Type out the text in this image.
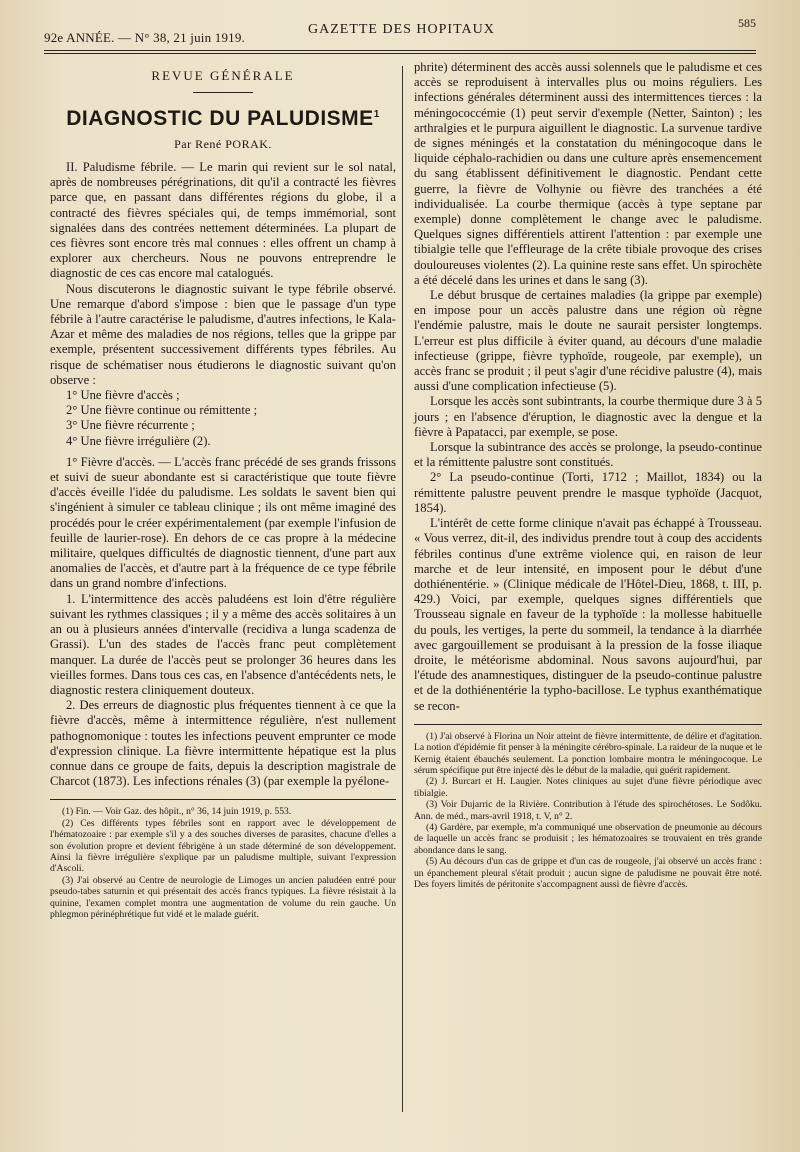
92e ANNÉE. — N° 38, 21 juin 1919.
GAZETTE DES HOPITAUX	585
REVUE GÉNÉRALE
DIAGNOSTIC DU PALUDISME$^1$
Par René PORAK.

II. Paludisme fébrile. — Le marin qui revient sur le sol natal, après de nombreuses pérégrinations, dit qu'il a contracté les fièvres parce que, en passant dans différentes régions du globe, il a contracté des fièvres spéciales qui, de temps immémorial, sont signalées dans des contrées nettement déterminées. La plupart de ces fièvres sont encore très mal connues : elles offrent un champ à explorer aux chercheurs. Nous ne pouvons entreprendre le diagnostic de ces cas encore mal catalogués.

Nous discuterons le diagnostic suivant le type fébrile observé. Une remarque d'abord s'impose : bien que le passage d'un type fébrile à l'autre caractérise le paludisme, d'autres infections, le Kala-Azar et même des maladies de nos régions, telles que la grippe par exemple, présentent successivement différents types fébriles. Au risque de schématiser nous étudierons le diagnostic suivant qu'on observe :

1° Une fièvre d'accès ;

2° Une fièvre continue ou rémittente ;

3° Une fièvre récurrente ;

4° Une fièvre irrégulière (2).

1° Fièvre d'accès. — L'accès franc précédé de ses grands frissons et suivi de sueur abondante est si caractéristique que toute fièvre d'accès éveille l'idée du paludisme. Les soldats le savent bien qui s'ingénient à simuler ce tableau clinique ; ils ont même imaginé des procédés pour le créer expérimentalement (par exemple l'infusion de feuille de laurier-rose). En dehors de ce cas propre à la médecine militaire, quelques difficultés de diagnostic tiennent, d'une part aux anomalies de l'accès, et d'autre part à la fréquence de ce type fébrile dans un grand nombre d'infections.

1. L'intermittence des accès paludéens est loin d'être régulière suivant les rythmes classiques ; il y a même des accès solitaires à un an ou à plusieurs années d'intervalle (recidiva a lunga scadenza de Grassi). L'un des stades de l'accès franc peut complètement manquer. La durée de l'accès peut se prolonger 36 heures dans les vieilles formes. Dans tous ces cas, en l'absence d'antécédents nets, le diagnostic restera cliniquement douteux.

2. Des erreurs de diagnostic plus fréquentes tiennent à ce que la fièvre d'accès, même à intermittence régulière, n'est nullement pathognomonique : toutes les infections peuvent emprunter ce mode d'expression clinique. La fièvre intermittente hépatique est la plus connue dans ce groupe de faits, depuis la description magistrale de Charcot (1873). Les infections rénales (3) (par exemple la pyélone-

(1) Fin. — Voir Gaz. des hôpit., n° 36, 14 juin 1919, p. 553.

(2) Ces différents types fébriles sont en rapport avec le développement de l'hématozoaire : par exemple s'il y a des souches diverses de parasites, chacune d'elles a son évolution propre et devient fébrigène à un stade déterminé de son développement. Ainsi la fièvre irrégulière s'explique par un paludisme multiple, suivant l'expression d'Ascoli.

(3) J'ai observé au Centre de neurologie de Limoges un ancien paludéen entré pour pseudo-tabes saturnin et qui présentait des accès francs typiques. La fièvre résistait à la quinine, l'examen complet montra une augmentation de volume du rein gauche. Un phlegmon périnéphrétique fut vidé et le malade guérit.

phrite) déterminent des accès aussi solennels que le paludisme et ces accès se reproduisent à intervalles plus ou moins réguliers. Les infections générales déterminent aussi des intermittences tierces : la méningococcémie (1) peut servir d'exemple (Netter, Sainton) ; les arthralgies et le purpura aiguillent le diagnostic. La survenue tardive de signes méningés et la constatation du méningocoque dans le liquide céphalo-rachidien ou dans une culture après ensemencement du sang établissent définitivement le diagnostic. Pendant cette guerre, la fièvre de Volhynie ou fièvre des tranchées a été individualisée. La courbe thermique (accès à type septane par exemple) donne complètement le change avec le paludisme. Quelques signes différentiels attirent l'attention : par exemple une tibialgie telle que l'effleurage de la crête tibiale provoque des crises douloureuses violentes (2). La quinine reste sans effet. Un spirochète a été décelé dans les urines et dans le sang (3).

Le début brusque de certaines maladies (la grippe par exemple) en impose pour un accès palustre dans une région où règne l'endémie palustre, mais le doute ne saurait persister longtemps. L'erreur est plus difficile à éviter quand, au décours d'une maladie infectieuse (grippe, fièvre typhoïde, rougeole, par exemple), un accès franc se produit ; il peut s'agir d'une récidive palustre (4), mais aussi d'une complication infectieuse (5).

Lorsque les accès sont subintrants, la courbe thermique dure 3 à 5 jours ; en l'absence d'éruption, le diagnostic avec la dengue et la fièvre à Papatacci, par exemple, se pose.

Lorsque la subintrance des accès se prolonge, la pseudo-continue et la rémittente palustre sont constitués.

2° La pseudo-continue (Torti, 1712 ; Maillot, 1834) ou la rémittente palustre peuvent prendre le masque typhoïde (Jacquot, 1854).

L'intérêt de cette forme clinique n'avait pas échappé à Trousseau. « Vous verrez, dit-il, des individus prendre tout à coup des accidents fébriles continus d'une extrême violence qui, en raison de leur marche et de leur intensité, en imposent pour le début d'une dothiénentérie. » (Clinique médicale de l'Hôtel-Dieu, 1868, t. III, p. 429.) Voici, par exemple, quelques signes différentiels que Trousseau signale en faveur de la typhoïde : la mollesse habituelle du pouls, les vertiges, la perte du sommeil, la tendance à la diarrhée avec gargouillement se produisant à la pression de la fosse iliaque droite, le météorisme abdominal. Nous savons aujourd'hui, par l'étude des anamnestiques, distinguer de la pseudo-continue palustre et de la dothiénentérie la typho-bacillose. Le typhus exanthématique se recon-

(1) J'ai observé à Florina un Noir atteint de fièvre intermittente, de délire et d'agitation. La notion d'épidémie fit penser à la méningite cérébro-spinale. La raideur de la nuque et le Kernig étaient ébauchés seulement. La ponction lombaire montra le méningocoque. Le sérum spécifique put être injecté dès le début de la maladie, qui guérit rapidement.

(2) J. Burcart et H. Laugier. Notes cliniques au sujet d'une fièvre périodique avec tibialgie.

(3) Voir Dujarric de la Rivière. Contribution à l'étude des spirochétoses. Le Sodôku. Ann. de méd., mars-avril 1918, t. V, n° 2.

(4) Gardère, par exemple, m'a communiqué une observation de pneumonie au décours de laquelle un accès franc se produisit ; les hématozoaires se trouvaient en très grande abondance dans le sang.

(5) Au décours d'un cas de grippe et d'un cas de rougeole, j'ai observé un accès franc : un épanchement pleural s'était produit ; aucun signe de paludisme ne pouvait être noté. Des foyers limités de péritonite s'accompagnent aussi de fièvre d'accès.
